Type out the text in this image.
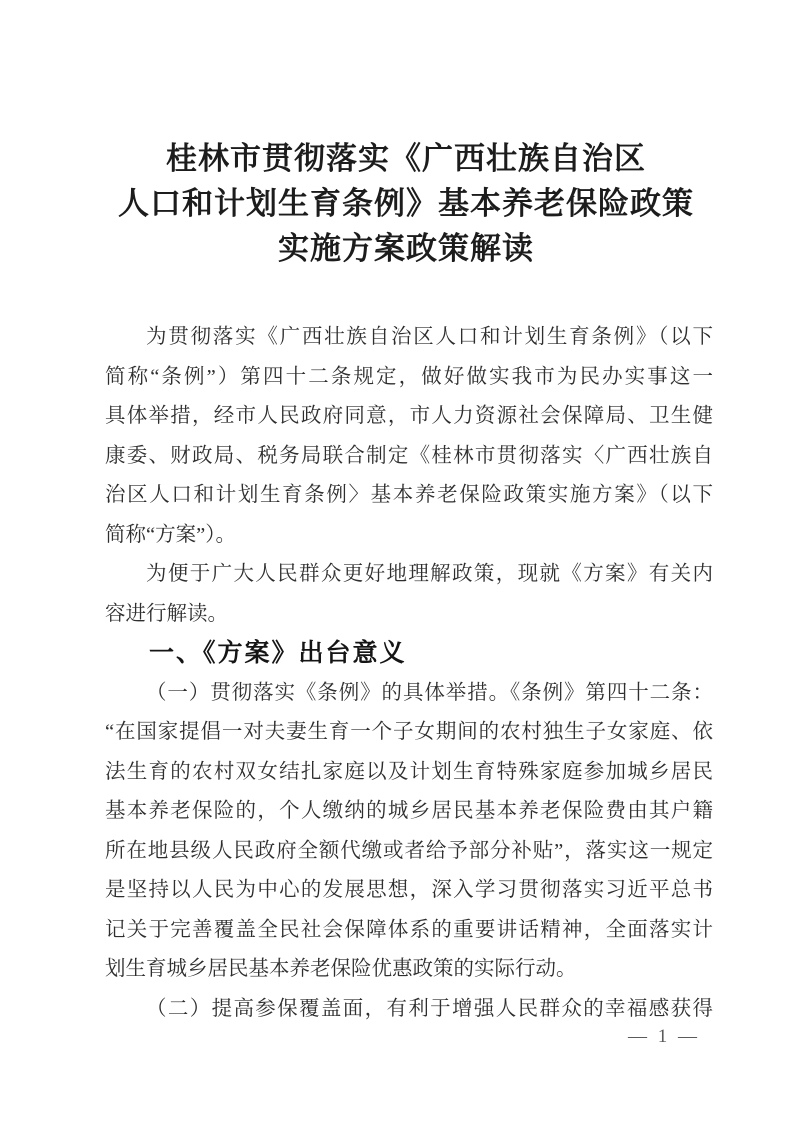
桂林市贯彻落实《广西壮族自治区
人口和计划生育条例》基本养老保险政策
实施方案政策解读
为贯彻落实《广西壮族自治区人口和计划生育条例》（以下
简称“条例”）第四十二条规定，做好做实我市为民办实事这一
具体举措，经市人民政府同意，市人力资源社会保障局、卫生健
康委、财政局、税务局联合制定《桂林市贯彻落实〈广西壮族自
治区人口和计划生育条例〉基本养老保险政策实施方案》（以下
简称“方案”）。
为便于广大人民群众更好地理解政策，现就《方案》有关内
容进行解读。
一、《方案》出台意义
（一）贯彻落实《条例》的具体举措。《条例》第四十二条：
“在国家提倡一对夫妻生育一个子女期间的农村独生子女家庭、依
法生育的农村双女结扎家庭以及计划生育特殊家庭参加城乡居民
基本养老保险的，个人缴纳的城乡居民基本养老保险费由其户籍
所在地县级人民政府全额代缴或者给予部分补贴”，落实这一规定
是坚持以人民为中心的发展思想，深入学习贯彻落实习近平总书
记关于完善覆盖全民社会保障体系的重要讲话精神，全面落实计
划生育城乡居民基本养老保险优惠政策的实际行动。
（二）提高参保覆盖面，有利于增强人民群众的幸福感获得
— 1 —
